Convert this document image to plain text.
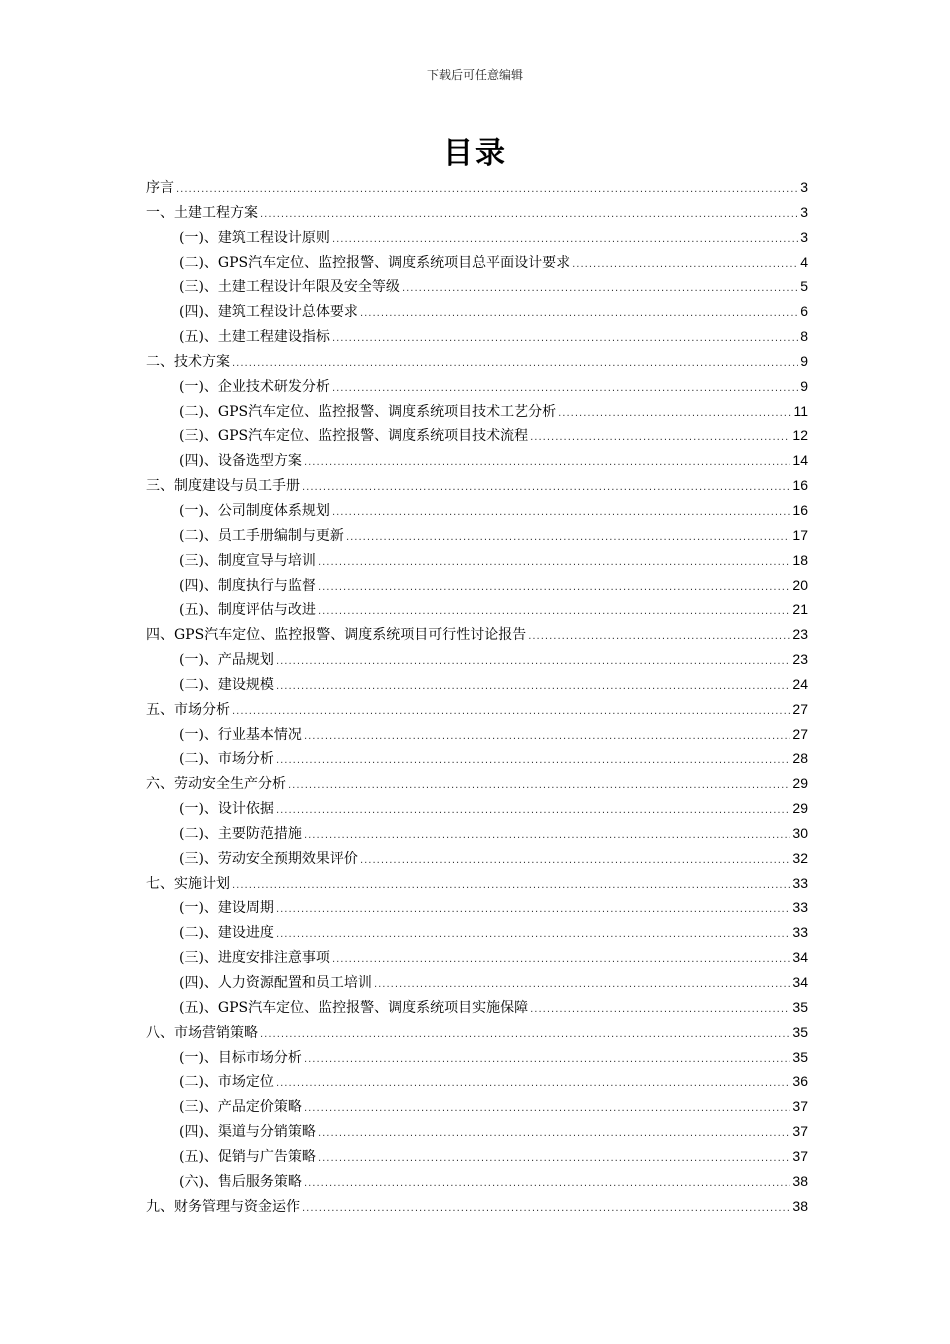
下载后可任意编辑
目录
序言 .....	3
一、土建工程方案 .....	3
(一)、建筑工程设计原则 .....	3
(二)、GPS汽车定位、监控报警、调度系统项目总平面设计要求 .....	4
(三)、土建工程设计年限及安全等级 .....	5
(四)、建筑工程设计总体要求 .....	6
(五)、土建工程建设指标 .....	8
二、技术方案 .....	9
(一)、企业技术研发分析 .....	9
(二)、GPS汽车定位、监控报警、调度系统项目技术工艺分析 .....	11
(三)、GPS汽车定位、监控报警、调度系统项目技术流程 .....	12
(四)、设备选型方案 .....	14
三、制度建设与员工手册 .....	16
(一)、公司制度体系规划 .....	16
(二)、员工手册编制与更新 .....	17
(三)、制度宣导与培训 .....	18
(四)、制度执行与监督 .....	20
(五)、制度评估与改进 .....	21
四、GPS汽车定位、监控报警、调度系统项目可行性讨论报告 .....	23
(一)、产品规划 .....	23
(二)、建设规模 .....	24
五、市场分析 .....	27
(一)、行业基本情况 .....	27
(二)、市场分析 .....	28
六、劳动安全生产分析 .....	29
(一)、设计依据 .....	29
(二)、主要防范措施 .....	30
(三)、劳动安全预期效果评价 .....	32
七、实施计划 .....	33
(一)、建设周期 .....	33
(二)、建设进度 .....	33
(三)、进度安排注意事项 .....	34
(四)、人力资源配置和员工培训 .....	34
(五)、GPS汽车定位、监控报警、调度系统项目实施保障 .....	35
八、市场营销策略 .....	35
(一)、目标市场分析 .....	35
(二)、市场定位 .....	36
(三)、产品定价策略 .....	37
(四)、渠道与分销策略 .....	37
(五)、促销与广告策略 .....	37
(六)、售后服务策略 .....	38
九、财务管理与资金运作 .....	38
